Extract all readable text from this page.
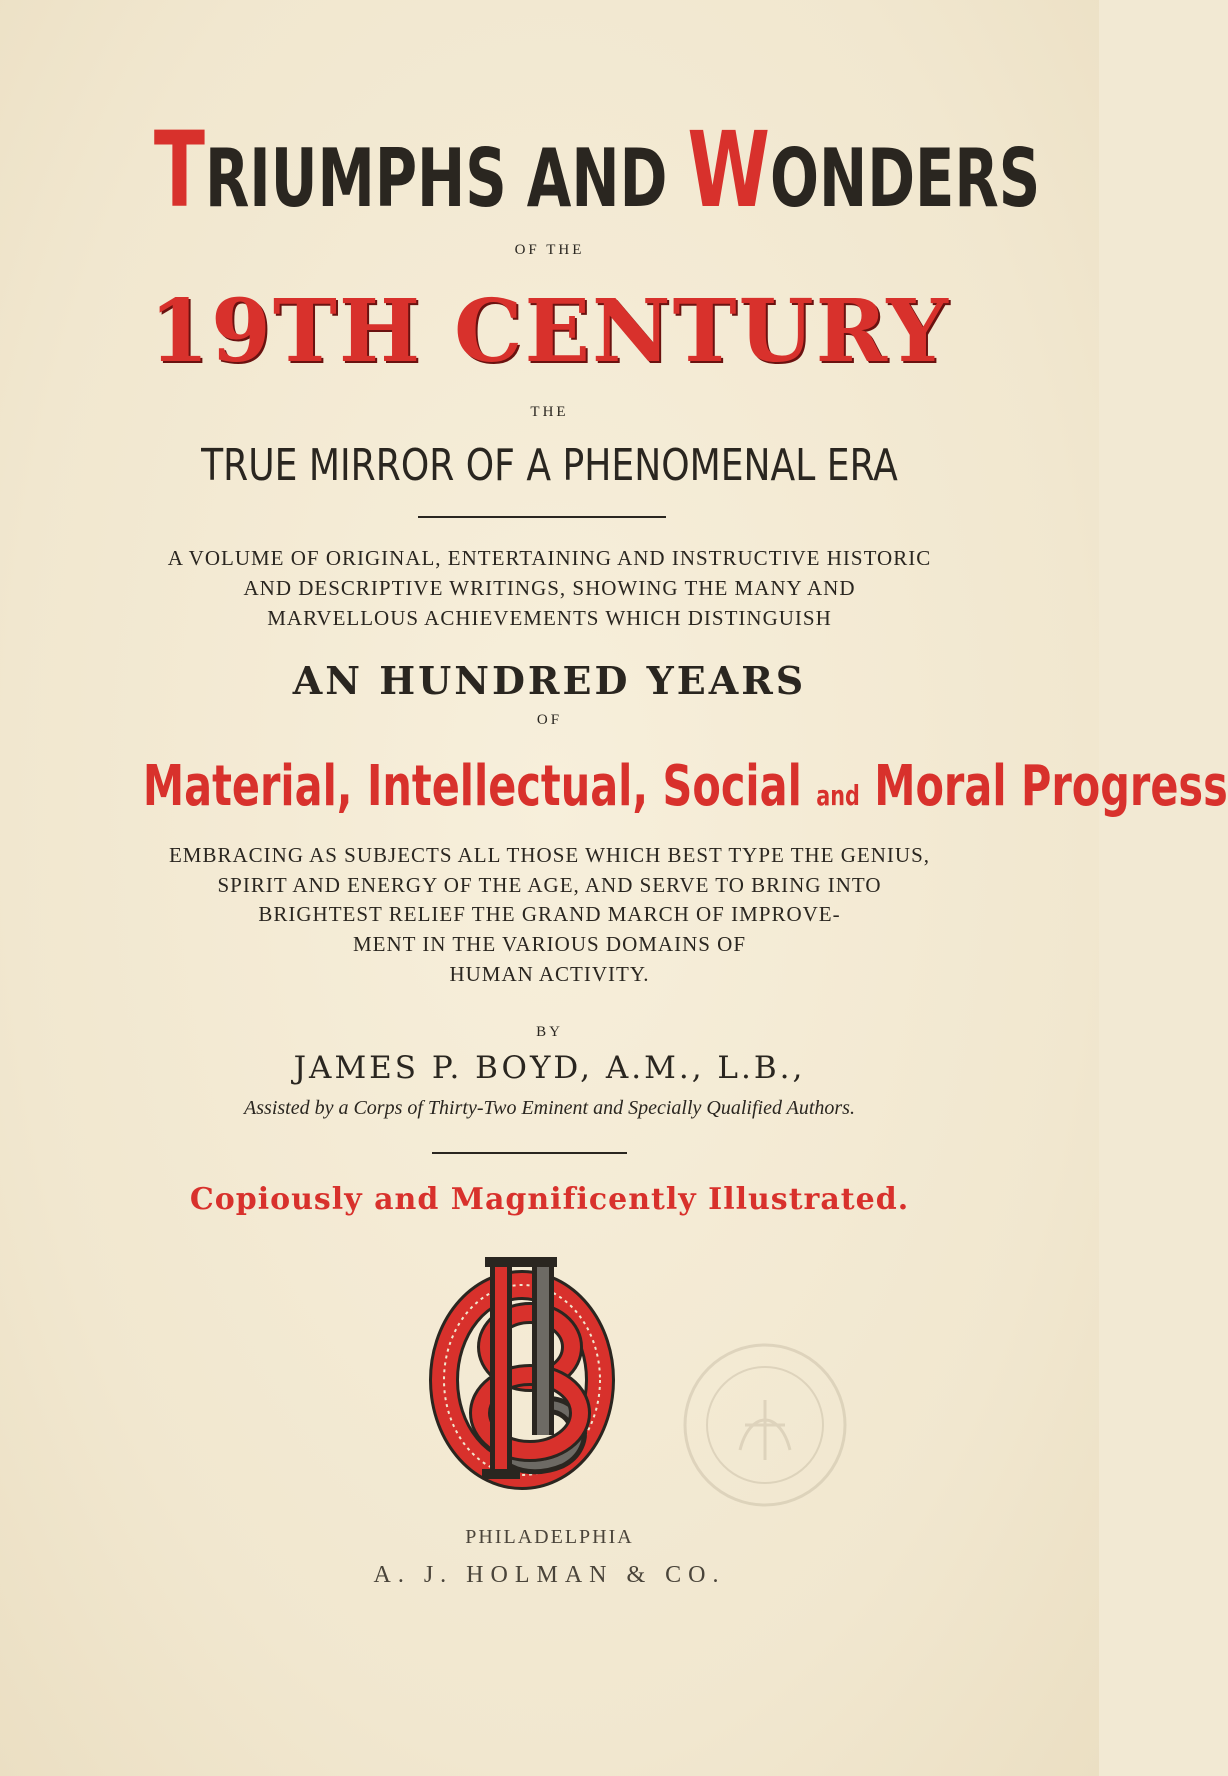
TRIUMPHS AND WONDERS
OF THE
19TH CENTURY
THE
TRUE MIRROR OF A PHENOMENAL ERA
A VOLUME OF ORIGINAL, ENTERTAINING AND INSTRUCTIVE HISTORIC
AND DESCRIPTIVE WRITINGS, SHOWING THE MANY AND
MARVELLOUS ACHIEVEMENTS WHICH DISTINGUISH
AN HUNDRED YEARS
OF
Material, Intellectual, Social and Moral Progress
EMBRACING AS SUBJECTS ALL THOSE WHICH BEST TYPE THE GENIUS,
SPIRIT AND ENERGY OF THE AGE, AND SERVE TO BRING INTO
BRIGHTEST RELIEF THE GRAND MARCH OF IMPROVE-
MENT IN THE VARIOUS DOMAINS OF
HUMAN ACTIVITY.
BY
JAMES P. BOYD, A.M., L.B.,
Assisted by a Corps of Thirty-Two Eminent and Specially Qualified Authors.
Copiously and Magnificently Illustrated.
PHILADELPHIA
A. J. HOLMAN & CO.
